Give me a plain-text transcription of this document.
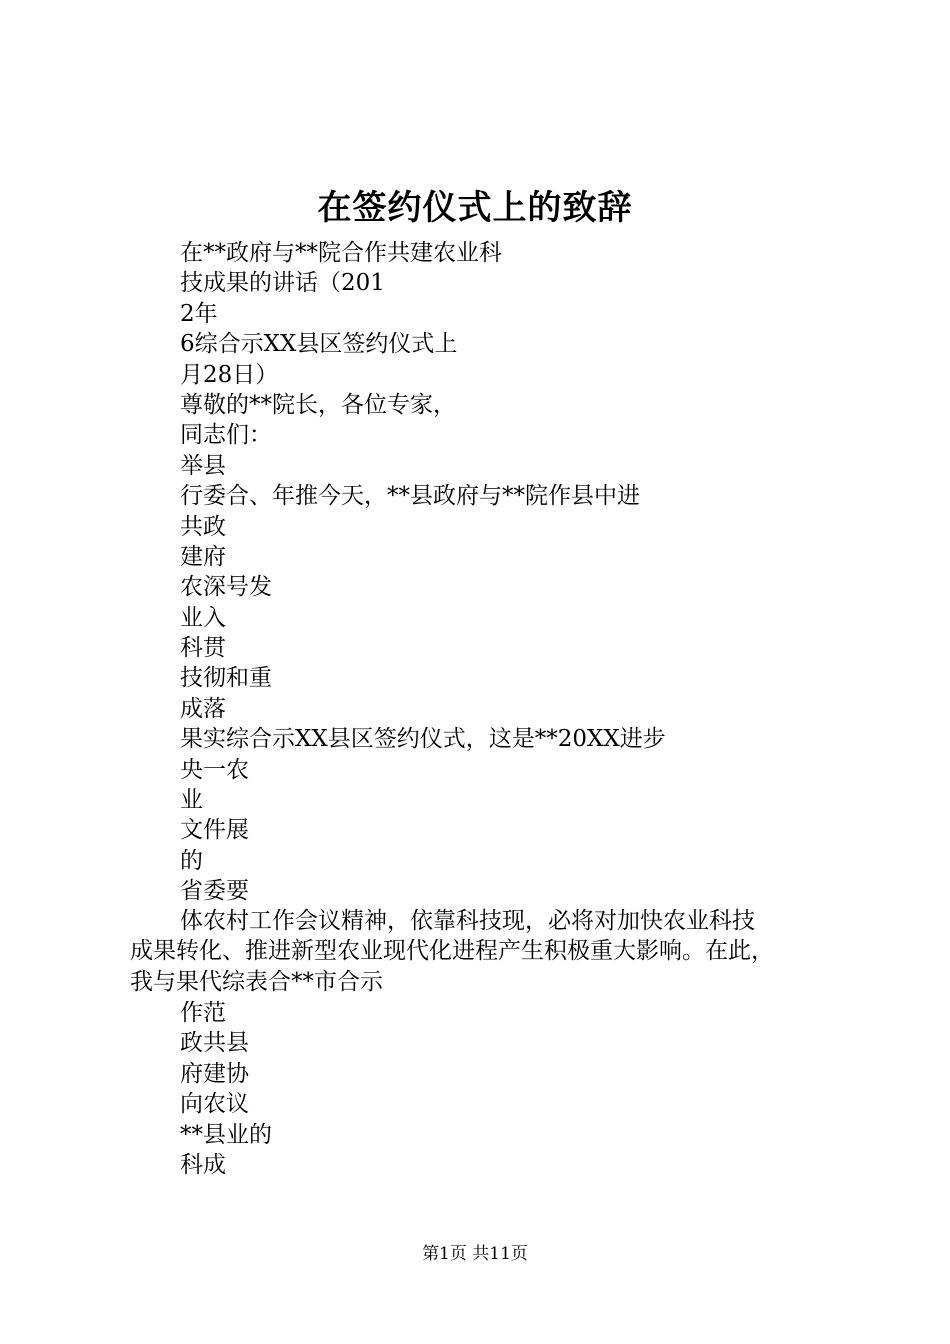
在签约仪式上的致辞
在**政府与**院合作共建农业科
技成果的讲话（201
2年
6综合示XX县区签约仪式上
月28日）
尊敬的**院长，各位专家，
同志们：
举县
行委合、年推今天，**县政府与**院作县中进
共政
建府
农深号发
业入
科贯
技彻和重
成落
果实综合示XX县区签约仪式，这是**20XX进步
央一农
业
文件展
的
省委要
体农村工作会议精神，依靠科技现，必将对加快农业科技
成果转化、推进新型农业现代化进程产生积极重大影响。在此，
我与果代综表合**市合示
作范
政共县
府建协
向农议
**县业的
科成
第1页 共11页
